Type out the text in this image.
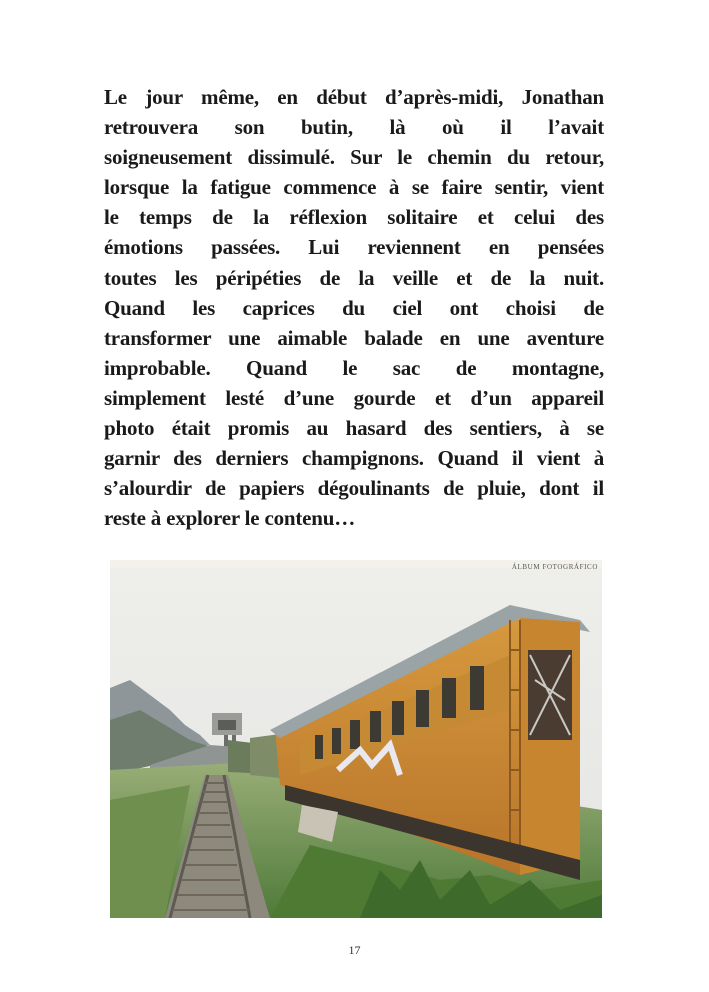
Le jour même, en début d’après-midi, Jonathan
retrouvera son butin, là où il l’avait
soigneusement dissimulé. Sur le chemin du retour,
lorsque la fatigue commence à se faire sentir, vient
le temps de la réflexion solitaire et celui des
émotions passées. Lui reviennent en pensées
toutes les péripéties de la veille et de la nuit.
Quand les caprices du ciel ont choisi de
transformer une aimable balade en une aventure
improbable. Quand le sac de montagne,
simplement lesté d’une gourde et d’un appareil
photo était promis au hasard des sentiers, à se
garnir des derniers champignons. Quand il vient à
s’alourdir de papiers dégoulinants de pluie, dont il
reste à explorer le contenu…
ÁLBUM FOTOGRÁFICO
17
